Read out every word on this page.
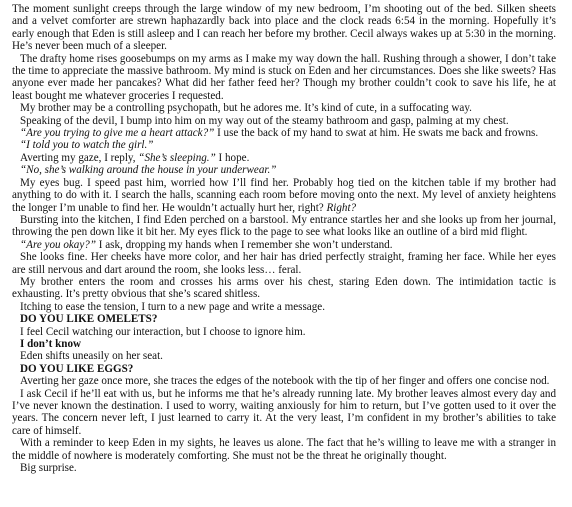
The moment sunlight creeps through the large window of my new bedroom, I’m shooting out of the bed. Silken sheets and a velvet comforter are strewn haphazardly back into place and the clock reads 6:54 in the morning. Hopefully it’s early enough that Eden is still asleep and I can reach her before my brother. Cecil always wakes up at 5:30 in the morning. He’s never been much of a sleeper.

The drafty home rises goosebumps on my arms as I make my way down the hall. Rushing through a shower, I don’t take the time to appreciate the massive bathroom. My mind is stuck on Eden and her circumstances. Does she like sweets? Has anyone ever made her pancakes? What did her father feed her? Though my brother couldn’t cook to save his life, he at least bought me whatever groceries I requested.

My brother may be a controlling psychopath, but he adores me. It’s kind of cute, in a suffocating way.

Speaking of the devil, I bump into him on my way out of the steamy bathroom and gasp, palming at my chest.

“Are you trying to give me a heart attack?” I use the back of my hand to swat at him. He swats me back and frowns.

“I told you to watch the girl.”

Averting my gaze, I reply, “She’s sleeping.” I hope.

“No, she’s walking around the house in your underwear.”

My eyes bug. I speed past him, worried how I’ll find her. Probably hog tied on the kitchen table if my brother had anything to do with it. I search the halls, scanning each room before moving onto the next. My level of anxiety heightens the longer I’m unable to find her. He wouldn’t actually hurt her, right? Right?

Bursting into the kitchen, I find Eden perched on a barstool. My entrance startles her and she looks up from her journal, throwing the pen down like it bit her. My eyes flick to the page to see what looks like an outline of a bird mid flight.

“Are you okay?” I ask, dropping my hands when I remember she won’t understand.

She looks fine. Her cheeks have more color, and her hair has dried perfectly straight, framing her face. While her eyes are still nervous and dart around the room, she looks less… feral.

My brother enters the room and crosses his arms over his chest, staring Eden down. The intimidation tactic is exhausting. It’s pretty obvious that she’s scared shitless.

Itching to ease the tension, I turn to a new page and write a message.

DO YOU LIKE OMELETS?

I feel Cecil watching our interaction, but I choose to ignore him.

I don’t know

Eden shifts uneasily on her seat.

DO YOU LIKE EGGS?

Averting her gaze once more, she traces the edges of the notebook with the tip of her finger and offers one concise nod.

I ask Cecil if he’ll eat with us, but he informs me that he’s already running late. My brother leaves almost every day and I’ve never known the destination. I used to worry, waiting anxiously for him to return, but I’ve gotten used to it over the years. The concern never left, I just learned to carry it. At the very least, I’m confident in my brother’s abilities to take care of himself.

With a reminder to keep Eden in my sights, he leaves us alone. The fact that he’s willing to leave me with a stranger in the middle of nowhere is moderately comforting. She must not be the threat he originally thought.

Big surprise.
